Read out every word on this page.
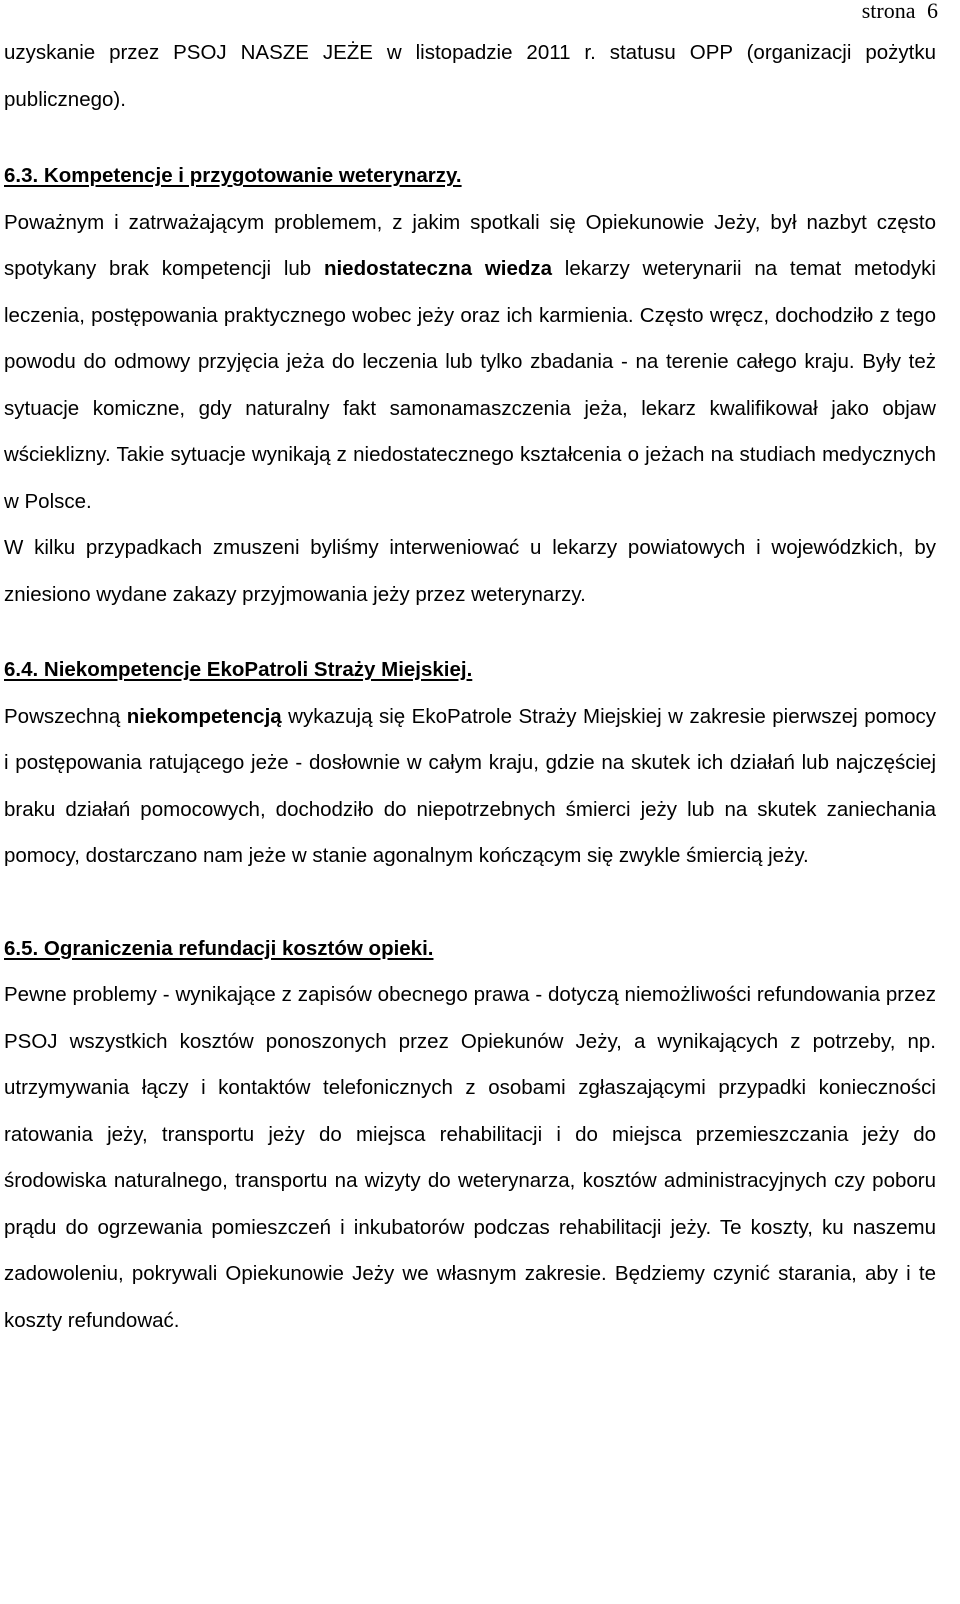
strona 6

uzyskanie przez PSOJ NASZE JEŻE w listopadzie 2011 r. statusu OPP (organizacji pożytku publicznego).

6.3. Kompetencje i przygotowanie weterynarzy.

Poważnym i zatrważającym problemem, z jakim spotkali się Opiekunowie Jeży, był nazbyt często spotykany brak kompetencji lub niedostateczna wiedza lekarzy weterynarii na temat metodyki leczenia, postępowania praktycznego wobec jeży oraz ich karmienia. Często wręcz, dochodziło z tego powodu do odmowy przyjęcia jeża do leczenia lub tylko zbadania - na terenie całego kraju. Były też sytuacje komiczne, gdy naturalny fakt samonamaszczenia jeża, lekarz kwalifikował jako objaw wścieklizny. Takie sytuacje wynikają z niedostatecznego kształcenia o jeżach na studiach medycznych w Polsce.

W kilku przypadkach zmuszeni byliśmy interweniować u lekarzy powiatowych i wojewódzkich, by zniesiono wydane zakazy przyjmowania jeży przez weterynarzy.

6.4. Niekompetencje EkoPatroli Straży Miejskiej.

Powszechną niekompetencją wykazują się EkoPatrole Straży Miejskiej w zakresie pierwszej pomocy i postępowania ratującego jeże - dosłownie w całym kraju, gdzie na skutek ich działań lub najczęściej braku działań pomocowych, dochodziło do niepotrzebnych śmierci jeży lub na skutek zaniechania pomocy, dostarczano nam jeże w stanie agonalnym kończącym się zwykle śmiercią jeży.

6.5. Ograniczenia refundacji kosztów opieki.

Pewne problemy - wynikające z zapisów obecnego prawa - dotyczą niemożliwości refundowania przez PSOJ wszystkich kosztów ponoszonych przez Opiekunów Jeży, a wynikających z potrzeby, np. utrzymywania łączy i kontaktów telefonicznych z osobami zgłaszającymi przypadki konieczności ratowania jeży, transportu jeży do miejsca rehabilitacji i do miejsca przemieszczania jeży do środowiska naturalnego, transportu na wizyty do weterynarza, kosztów administracyjnych czy poboru prądu do ogrzewania pomieszczeń i inkubatorów podczas rehabilitacji jeży. Te koszty, ku naszemu zadowoleniu, pokrywali Opiekunowie Jeży we własnym zakresie. Będziemy czynić starania, aby i te koszty refundować.
